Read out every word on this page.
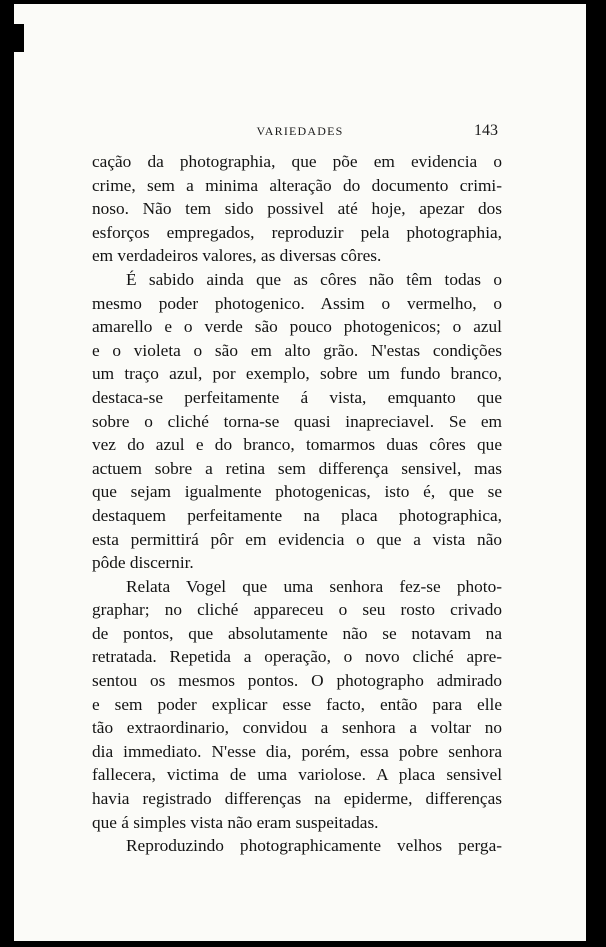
VARIEDADES	143

cação da photographia, que põe em evidencia o
crime, sem a minima alteração do documento crimi-
noso. Não tem sido possivel até hoje, apezar dos
esforços empregados, reproduzir pela photographia,
em verdadeiros valores, as diversas côres.

É sabido ainda que as côres não têm todas o
mesmo poder photogenico. Assim o vermelho, o
amarello e o verde são pouco photogenicos; o azul
e o violeta o são em alto grão. N'estas condições
um traço azul, por exemplo, sobre um fundo branco,
destaca-se perfeitamente á vista, emquanto que
sobre o cliché torna-se quasi inapreciavel. Se em
vez do azul e do branco, tomarmos duas côres que
actuem sobre a retina sem differença sensivel, mas
que sejam igualmente photogenicas, isto é, que se
destaquem perfeitamente na placa photographica,
esta permittirá pôr em evidencia o que a vista não
pôde discernir.

Relata Vogel que uma senhora fez-se photo-
graphar; no cliché appareceu o seu rosto crivado
de pontos, que absolutamente não se notavam na
retratada. Repetida a operação, o novo cliché apre-
sentou os mesmos pontos. O photographo admirado
e sem poder explicar esse facto, então para elle
tão extraordinario, convidou a senhora a voltar no
dia immediato. N'esse dia, porém, essa pobre senhora
fallecera, victima de uma variolose. A placa sensivel
havia registrado differenças na epiderme, differenças
que á simples vista não eram suspeitadas.

Reproduzindo photographicamente velhos perga-
